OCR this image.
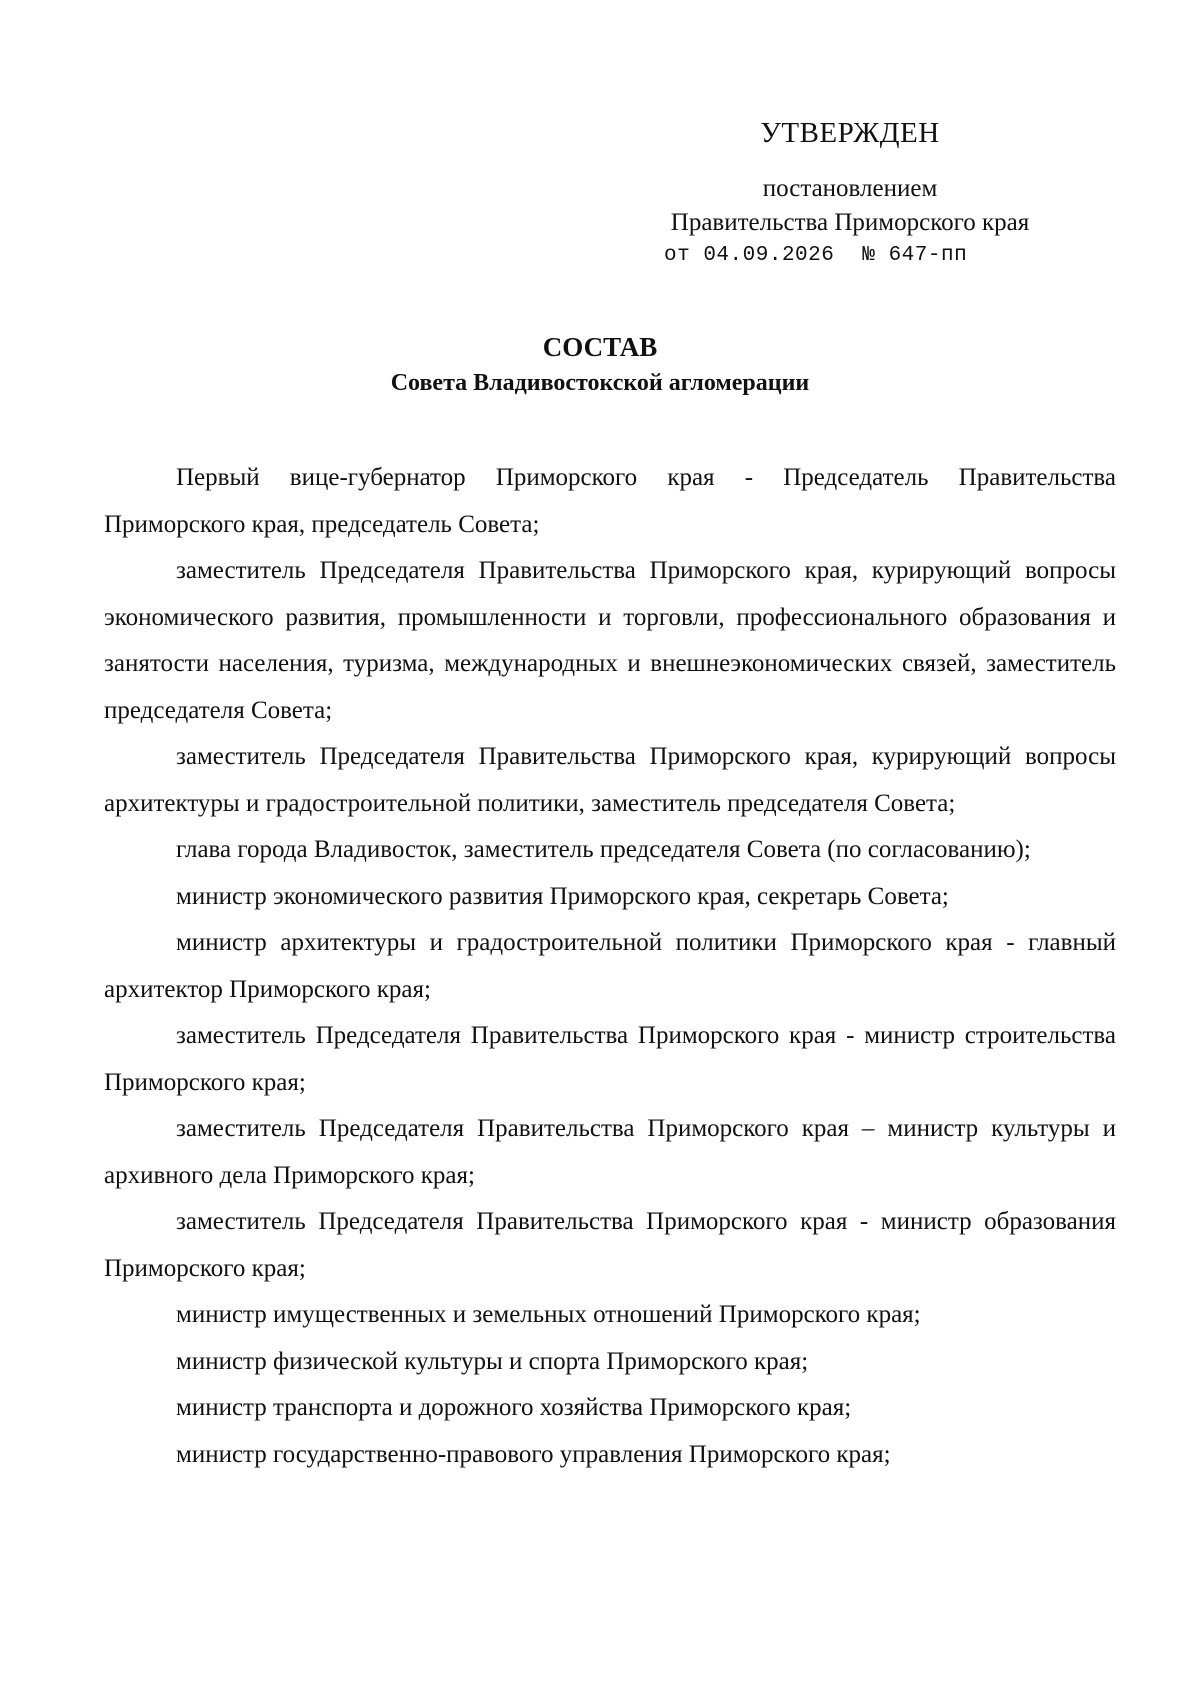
УТВЕРЖДЕН

постановлением

Правительства Приморского края

от 04.09.2026 № 647-пп

СОСТАВ

Совета Владивостокской агломерации

Первый вице-губернатор Приморского края - Председатель Правительства Приморского края, председатель Совета;
заместитель Председателя Правительства Приморского края, курирующий вопросы экономического развития, промышленности и торговли, профессионального образования и занятости населения, туризма, международных и внешнеэкономических связей, заместитель председателя Совета;
заместитель Председателя Правительства Приморского края, курирующий вопросы архитектуры и градостроительной политики, заместитель председателя Совета;
глава города Владивосток, заместитель председателя Совета (по согласованию);
министр экономического развития Приморского края, секретарь Совета;
министр архитектуры и градостроительной политики Приморского края - главный архитектор Приморского края;
заместитель Председателя Правительства Приморского края - министр строительства Приморского края;
заместитель Председателя Правительства Приморского края – министр культуры и архивного дела Приморского края;
заместитель Председателя Правительства Приморского края - министр образования Приморского края;
министр имущественных и земельных отношений Приморского края;
министр физической культуры и спорта Приморского края;
министр транспорта и дорожного хозяйства Приморского края;
министр государственно-правового управления Приморского края;
